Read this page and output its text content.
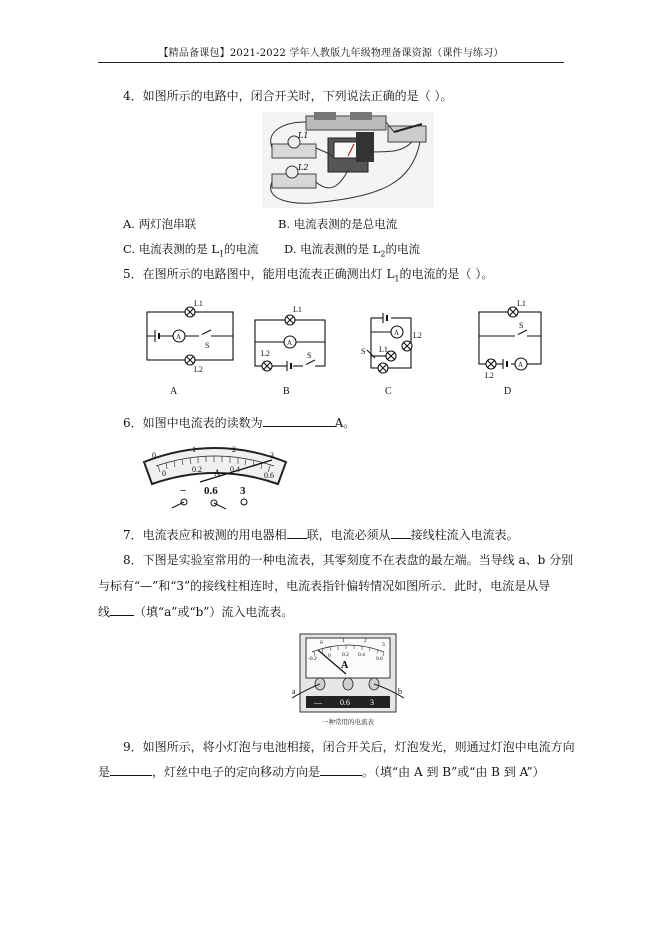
【精品备课包】2021-2022 学年人教版九年级物理备课资源（课件与练习）
4．如图所示的电路中，闭合开关时，下列说法正确的是（ ）。
L1
L2
A. 两灯泡串联	B. 电流表测的是总电流
C. 电流表测的是 $L_1$的电流 D. 电流表测的是 $L_2$的电流
5．在图所示的电路图中，能用电流表正确测出灯 $L_1$的电流的是（ ）。
L1
L2
A
S
L1
A
L2	S
A L2
S L1
L1
S
L2
A
A	B	C	D
6．如图中电流表的读数为	A。
0
1	2
3
0	0.2	0.4
0.6
A
− 0.6 3
7．电流表应和被测的用电器相 联，电流必须从 接线柱流入电流表。
8．下图是实验室常用的一种电流表，其零刻度不在表盘的最左端。当导线 a、b 分别
与标有“—”和“3”的接线柱相连时，电流表指针偏转情况如图所示．此时，电流是从导
线 （填“a”或“b”）流入电流表。
0	1	2
3
-0.2 0 0.2 0.4
0.6
A
— 0.6	3
a	b
一种常用的电流表
9．如图所示，将小灯泡与电池相接，闭合开关后，灯泡发光，则通过灯泡中电流方向
是	，灯丝中电子的定向移动方向是	。（填“由 A 到 B”或“由 B 到 A”）
